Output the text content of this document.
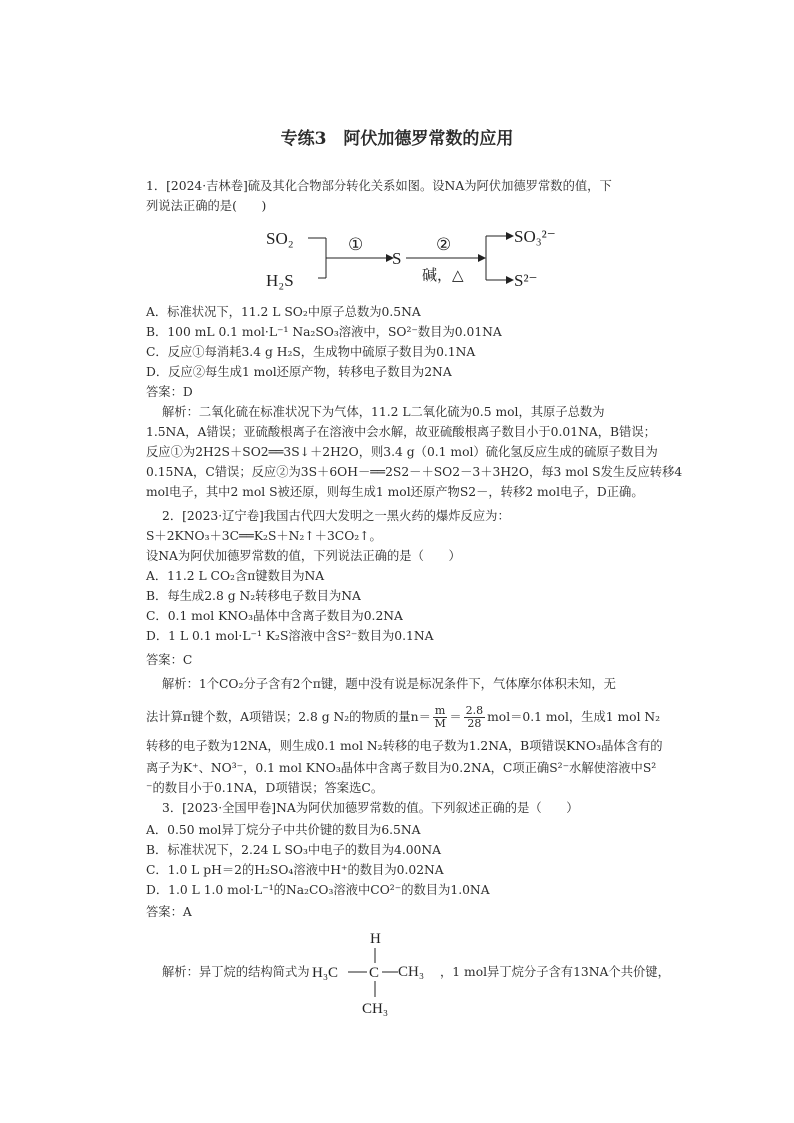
专练3　阿伏加德罗常数的应用
1．[2024·吉林卷]硫及其化合物部分转化关系如图。设NA为阿伏加德罗常数的值，下
列说法正确的是(　　)
SO₂
H₂S
①
S
②
碱，△
SO₃²⁻
S²⁻
A．标准状况下，11.2 L SO₂中原子总数为0.5NA
B．100 mL 0.1 mol·L⁻¹ Na₂SO₃溶液中，SO²⁻数目为0.01NA
C．反应①每消耗3.4 g H₂S，生成物中硫原子数目为0.1NA
D．反应②每生成1 mol还原产物，转移电子数目为2NA
答案：D
解析：二氧化硫在标准状况下为气体，11.2 L二氧化硫为0.5 mol，其原子总数为
1.5NA，A错误；亚硫酸根离子在溶液中会水解，故亚硫酸根离子数目小于0.01NA，B错误；
反应①为2H2S＋SO2══3S↓＋2H2O，则3.4 g（0.1 mol）硫化氢反应生成的硫原子数目为
0.15NA，C错误；反应②为3S＋6OH－══2S2－＋SO2－3＋3H2O，每3 mol S发生反应转移4
mol电子，其中2 mol S被还原，则每生成1 mol还原产物S2－，转移2 mol电子，D正确。
2．[2023·辽宁卷]我国古代四大发明之一黑火药的爆炸反应为：
S＋2KNO₃＋3C══K₂S＋N₂↑＋3CO₂↑。
设NA为阿伏加德罗常数的值，下列说法正确的是（　　）
A．11.2 L CO₂含π键数目为NA
B．每生成2.8 g N₂转移电子数目为NA
C．0.1 mol KNO₃晶体中含离子数目为0.2NA
D．1 L 0.1 mol·L⁻¹ K₂S溶液中含S²⁻数目为0.1NA
答案：C
解析：1个CO₂分子含有2个π键，题中没有说是标况条件下，气体摩尔体积未知，无
法计算π键个数，A项错误；2.8 g N₂的物质的量$n= \frac{m}{M} = \frac{2.8}{28} mol=0.1$ mol，生成1 mol N₂
转移的电子数为12NA，则生成0.1 mol N₂转移的电子数为1.2NA，B项错误KNO₃晶体含有的
离子为K⁺、NO³⁻，0.1 mol KNO₃晶体中含离子数目为0.2NA，C项正确S²⁻水解使溶液中S²
⁻的数目小于0.1NA，D项错误；答案选C。
3．[2023·全国甲卷]NA为阿伏加德罗常数的值。下列叙述正确的是（　　）
A．0.50 mol异丁烷分子中共价键的数目为6.5NA
B．标准状况下，2.24 L SO₃中电子的数目为4.00NA
C．1.0 L pH＝2的H₂SO₄溶液中H⁺的数目为0.02NA
D．1.0 L 1.0 mol·L⁻¹的Na₂CO₃溶液中CO²⁻的数目为1.0NA
答案：A
解析：异丁烷的结构简式为
H
H₃C C
CH₃
CH₃ ，1 mol异丁烷分子含有13NA个共价键，
